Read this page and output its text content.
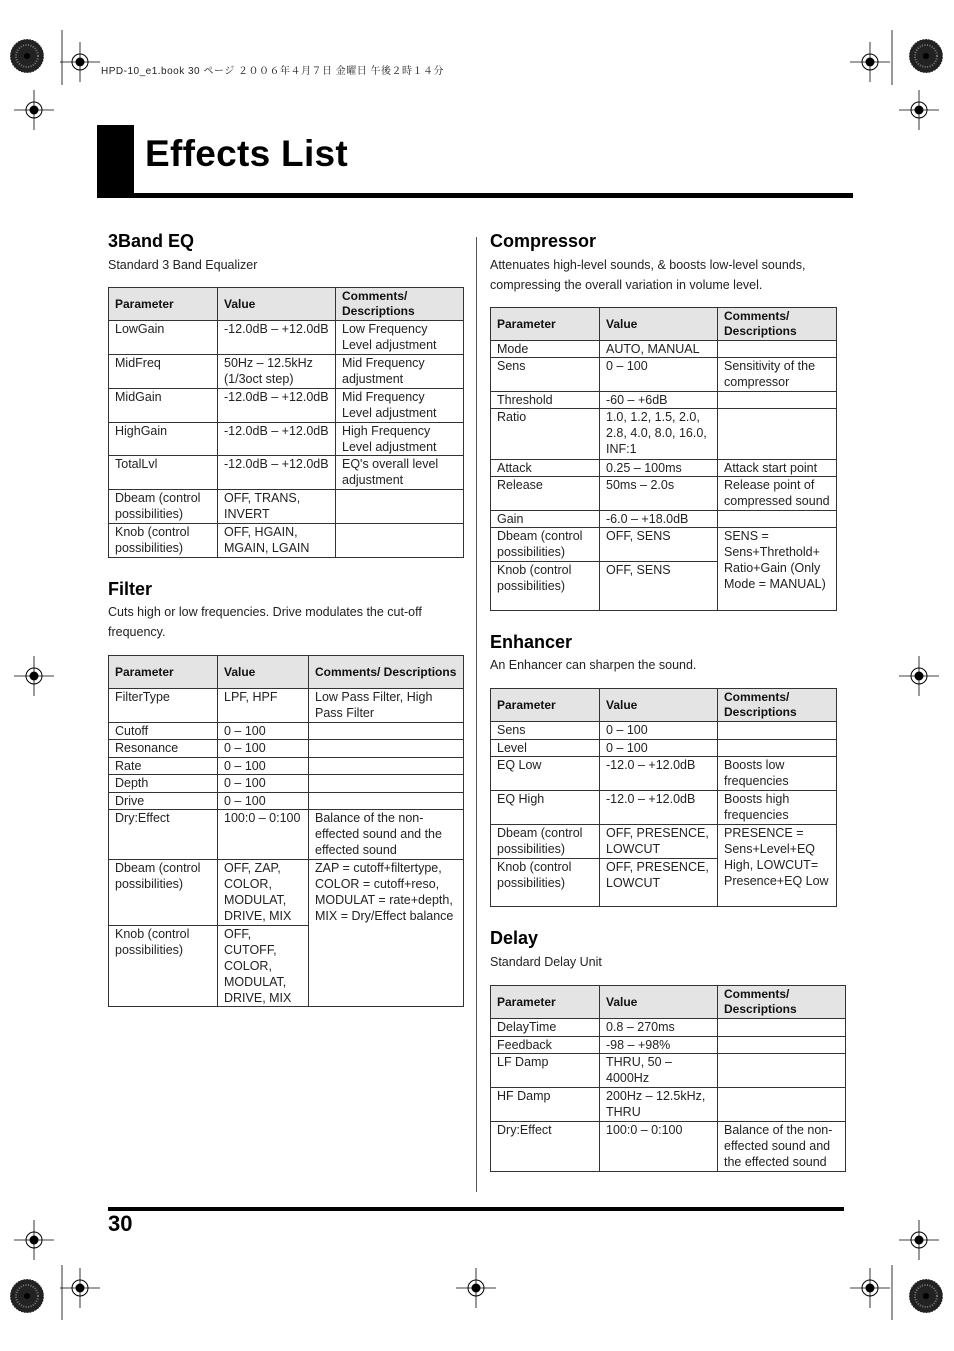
HPD-10_e1.book 30 ページ ２００６年４月７日 金曜日 午後２時１４分
Effects List
3Band EQ
Standard 3 Band Equalizer
Parameter	Value	Comments/ Descriptions
LowGain	-12.0dB – +12.0dB	Low Frequency Level adjustment
MidFreq	50Hz – 12.5kHz (1/3oct step)	Mid Frequency adjustment
MidGain	-12.0dB – +12.0dB	Mid Frequency Level adjustment
HighGain	-12.0dB – +12.0dB	High Frequency Level adjustment
TotalLvl	-12.0dB – +12.0dB	EQ's overall level adjustment
Dbeam (control possibilities)	OFF, TRANS, INVERT	
Knob (control possibilities)	OFF, HGAIN, MGAIN, LGAIN	
Filter
Cuts high or low frequencies. Drive modulates the cut-off frequency.
Parameter	Value	Comments/ Descriptions
FilterType	LPF, HPF	Low Pass Filter, High Pass Filter
Cutoff	0 – 100	
Resonance	0 – 100	
Rate	0 – 100	
Depth	0 – 100	
Drive	0 – 100	
Dry:Effect	100:0 – 0:100	Balance of the non-effected sound and the effected sound
Dbeam (control possibilities)	OFF, ZAP, COLOR, MODULAT, DRIVE, MIX	ZAP = cutoff+filtertype, COLOR = cutoff+reso, MODULAT = rate+depth, MIX = Dry/Effect balance
Knob (control possibilities)	OFF, CUTOFF, COLOR, MODULAT, DRIVE, MIX	
Compressor
Attenuates high-level sounds, & boosts low-level sounds, compressing the overall variation in volume level.
Parameter	Value	Comments/ Descriptions
Mode	AUTO, MANUAL	
Sens	0 – 100	Sensitivity of the compressor
Threshold	-60 – +6dB	
Ratio	1.0, 1.2, 1.5, 2.0, 2.8, 4.0, 8.0, 16.0, INF:1	
Attack	0.25 – 100ms	Attack start point
Release	50ms – 2.0s	Release point of compressed sound
Gain	-6.0 – +18.0dB	
Dbeam (control possibilities)	OFF, SENS	SENS = Sens+Threthold+ Ratio+Gain (Only Mode = MANUAL)
Knob (control possibilities)	OFF, SENS	
Enhancer
An Enhancer can sharpen the sound.
Parameter	Value	Comments/ Descriptions
Sens	0 – 100	
Level	0 – 100	
EQ Low	-12.0 – +12.0dB	Boosts low frequencies
EQ High	-12.0 – +12.0dB	Boosts high frequencies
Dbeam (control possibilities)	OFF, PRESENCE, LOWCUT	PRESENCE = Sens+Level+EQ High, LOWCUT= Presence+EQ Low
Knob (control possibilities)	OFF, PRESENCE, LOWCUT	
Delay
Standard Delay Unit
Parameter	Value	Comments/ Descriptions
DelayTime	0.8 – 270ms	
Feedback	-98 – +98%	
LF Damp	THRU, 50 – 4000Hz	
HF Damp	200Hz – 12.5kHz, THRU	
Dry:Effect	100:0 – 0:100	Balance of the non-effected sound and the effected sound
30
